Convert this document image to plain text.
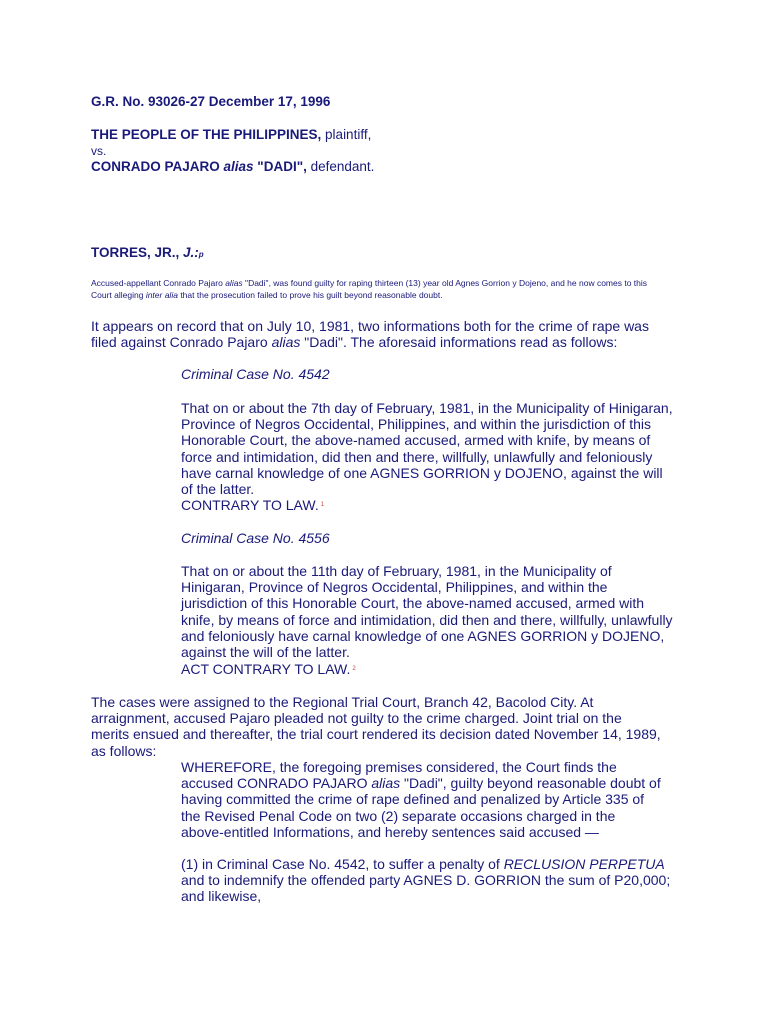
G.R. No. 93026-27 December 17, 1996
THE PEOPLE OF THE PHILIPPINES, plaintiff,
vs.
CONRADO PAJARO alias "DADI", defendant.
TORRES, JR., J.:p
Accused-appellant Conrado Pajaro alias "Dadi", was found guilty for raping thirteen (13) year old Agnes Gorrion y Dojeno, and he now comes to this Court alleging inter alia that the prosecution failed to prove his guilt beyond reasonable doubt.
It appears on record that on July 10, 1981, two informations both for the crime of rape was filed against Conrado Pajaro alias "Dadi". The aforesaid informations read as follows:
Criminal Case No. 4542
That on or about the 7th day of February, 1981, in the Municipality of Hinigaran, Province of Negros Occidental, Philippines, and within the jurisdiction of this Honorable Court, the above-named accused, armed with knife, by means of force and intimidation, did then and there, willfully, unlawfully and feloniously have carnal knowledge of one AGNES GORRION y DOJENO, against the will of the latter.
CONTRARY TO LAW. $^1$
Criminal Case No. 4556
That on or about the 11th day of February, 1981, in the Municipality of Hinigaran, Province of Negros Occidental, Philippines, and within the jurisdiction of this Honorable Court, the above-named accused, armed with knife, by means of force and intimidation, did then and there, willfully, unlawfully and feloniously have carnal knowledge of one AGNES GORRION y DOJENO, against the will of the latter.
ACT CONTRARY TO LAW. $^2$
The cases were assigned to the Regional Trial Court, Branch 42, Bacolod City. At arraignment, accused Pajaro pleaded not guilty to the crime charged. Joint trial on the merits ensued and thereafter, the trial court rendered its decision dated November 14, 1989, as follows:
WHEREFORE, the foregoing premises considered, the Court finds the accused CONRADO PAJARO alias "Dadi", guilty beyond reasonable doubt of having committed the crime of rape defined and penalized by Article 335 of the Revised Penal Code on two (2) separate occasions charged in the above-entitled Informations, and hereby sentences said accused —
(1) in Criminal Case No. 4542, to suffer a penalty of RECLUSION PERPETUA and to indemnify the offended party AGNES D. GORRION the sum of P20,000; and likewise,
